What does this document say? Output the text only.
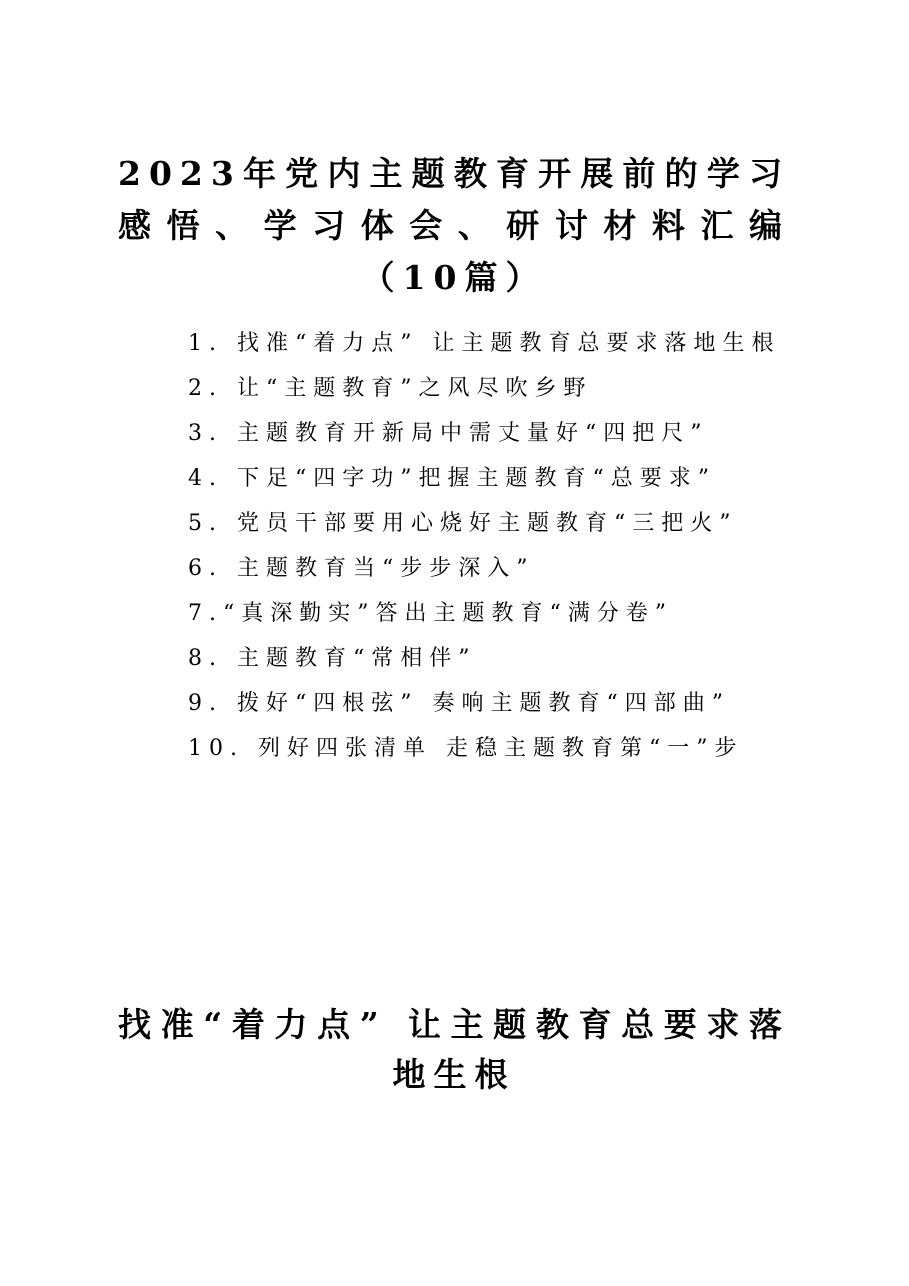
2023年党内主题教育开展前的学习感悟、学习体会、研讨材料汇编（10篇）
1. 找准“着力点” 让主题教育总要求落地生根
2. 让“主题教育”之风尽吹乡野
3. 主题教育开新局中需丈量好“四把尺”
4. 下足“四字功”把握主题教育“总要求”
5. 党员干部要用心烧好主题教育“三把火”
6. 主题教育当“步步深入”
7.“真深勤实”答出主题教育“满分卷”
8. 主题教育“常相伴”
9. 拨好“四根弦” 奏响主题教育“四部曲”
10. 列好四张清单 走稳主题教育第“一”步
找准“着力点” 让主题教育总要求落地生根
